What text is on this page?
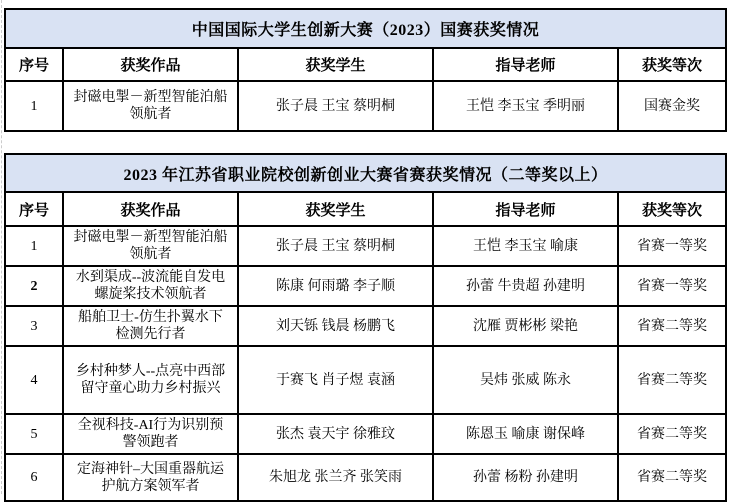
中国国际大学生创新大赛（2023）国赛获奖情况				
序号	获奖作品	获奖学生	指导老师	获奖等次
1	封磁电掣－新型智能泊船领航者	张子晨 王宝 蔡明桐	王恺 李玉宝 季明丽	国赛金奖
2023 年江苏省职业院校创新创业大赛省赛获奖情况（二等奖以上）				
序号	获奖作品	获奖学生	指导老师	获奖等次
1	封磁电掣－新型智能泊船领航者	张子晨 王宝 蔡明桐	王恺 李玉宝 喻康	省赛一等奖
2	水到渠成--波流能自发电螺旋桨技术领航者	陈康 何雨璐 李子顺	孙蕾 牛贵超 孙建明	省赛一等奖
3	船舶卫士-仿生扑翼水下检测先行者	刘天铄 钱晨 杨鹏飞	沈雁 贾彬彬 梁艳	省赛二等奖
4	乡村种梦人--点亮中西部留守童心助力乡村振兴	于赛飞 肖子煜 袁涵	吴炜 张威 陈永	省赛二等奖
5	全视科技-AI行为识别预警领跑者	张杰 袁天宇 徐雅玟	陈恩玉 喻康 谢保峰	省赛二等奖
6	定海神针–大国重器航运护航方案领军者	朱旭龙 张兰齐 张笑雨	孙蕾 杨粉 孙建明	省赛二等奖
